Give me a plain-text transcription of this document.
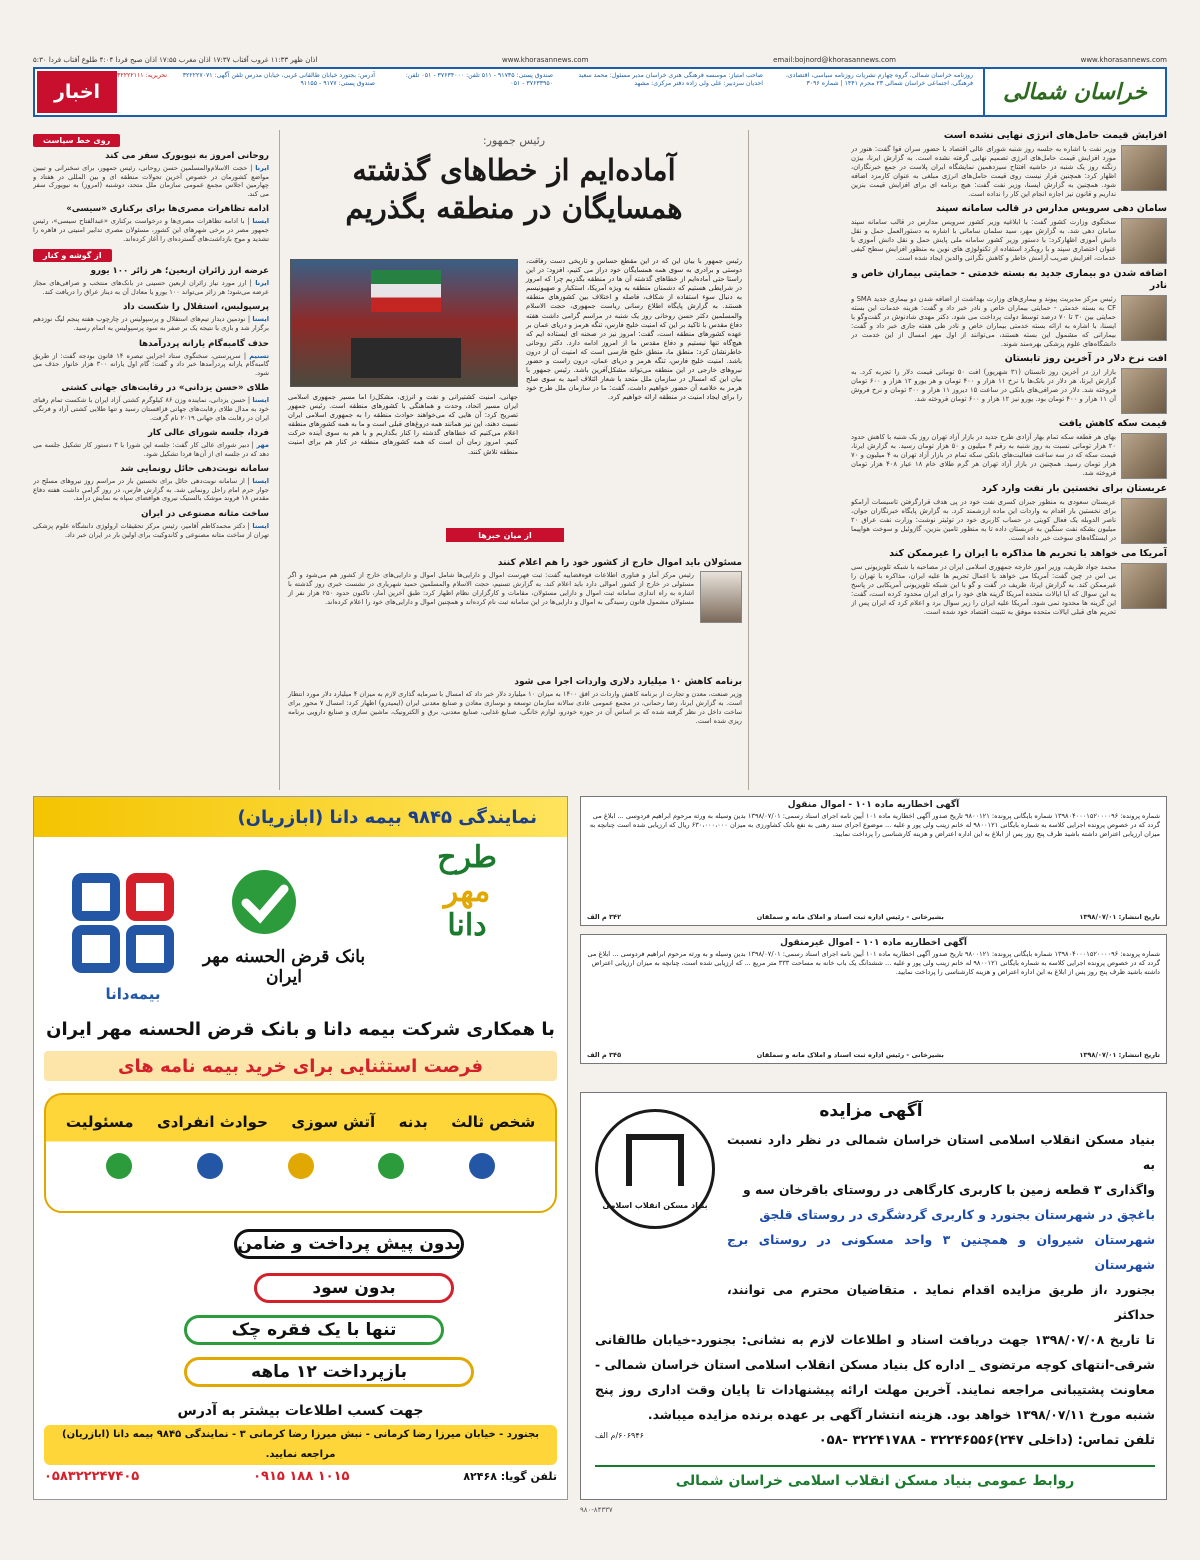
اذان ظهر ۱۱:۳۳ غروب آفتاب ۱۷:۳۷ اذان مغرب ۱۷:۵۵ اذان صبح فردا ۴:۰۴ طلوع آفتاب فردا ۵:۳۰	www.khorasannews.com	email:bojnord@khorasannews.com	www.khorasannews.com
خراسان شمالی
روزنامه خراسان شمالی، گروه چهارم نشریات روزنامه سیاسی، اقتصادی، فرهنگی، اجتماعی خراسان شمالی ۲۳ محرم ۱۴۴۱ | شماره ۳۰۹۶
صاحب امتیاز: موسسه فرهنگی هنری خراسان مدیر مسئول: محمد سعید احدیان سردبیر: علی ولی زاده دفتر مرکزی: مشهد
صندوق پستی: ۹۱۷۳۵ - ۵۱۱ تلفن: ۳۷۶۳۴۰۰۰ - ۰۵۱ تلفن: ۳۷۶۳۳۹۵۰ - ۰۵۱
آدرس: بجنورد خیابان طالقانی غربی، خیابان مدرس تلفن آگهی: ۳۲۲۲۲۷۰۷۱ صندوق پستی: ۹۱۷۷ - ۹۱۱۵۵
تحریریه: ۳۲۲۲۲۱۱۱
اخبار
افزایش قیمت حامل‌های انرژی نهایی نشده است

وزیر نفت با اشاره به جلسه روز شنبه شورای عالی اقتصاد با حضور سران قوا گفت: هنوز در مورد افزایش قیمت حامل‌های انرژی تصمیم نهایی گرفته نشده است. به گزارش ایرنا، بیژن زنگنه روز یک شنبه در حاشیه افتتاح سیزدهمین نمایشگاه ایران پلاست در جمع خبرنگاران، اظهار کرد: همچنین قرار نیست روی قیمت حامل‌های انرژی مبلغی به عنوان کارمزد اضافه شود. همچنین به گزارش ایسنا، وزیر نفت گفت: هیچ برنامه ای برای افزایش قیمت بنزین نداریم و قانون نیز اجازه انجام این کار را نداده است.

سامان دهی سرویس مدارس در قالب سامانه سپند

سخنگوی وزارت کشور گفت: با ابلاغیه وزیر کشور سرویس مدارس در قالب سامانه سپند سامان دهی شد. به گزارش مهر، سید سلمان سامانی با اشاره به دستورالعمل حمل و نقل دانش آموزی اظهارکرد: با دستور وزیر کشور سامانه ملی پایش حمل و نقل دانش آموزی با عنوان اختصاری سپند و با رویکرد استفاده از تکنولوژی های نوین به منظور افزایش سطح کیفی خدمات، افزایش ضریب آرامش خاطر و کاهش نگرانی والدین ایجاد شده است.

اضافه شدن دو بیماری جدید به بسته خدمتی - حمایتی بیماران خاص و نادر

رئیس مرکز مدیریت پیوند و بیماری‌های وزارت بهداشت از اضافه شدن دو بیماری جدید SMA و CF به بسته خدمتی - حمایتی بیماران خاص و نادر خبر داد و گفت: هزینه خدمات این بسته حمایتی بین ۳۰ تا ۷۰ درصد توسط دولت پرداخت می شود. دکتر مهدی شادنوش در گفت‌وگو با ایسنا، با اشاره به ارائه بسته خدمتی بیماران خاص و نادر طی هفته جاری خبر داد و گفت: بیمارانی که مشمول این بسته هستند، می‌توانند از اول مهر امسال از این خدمت در دانشگاه‌های علوم پزشکی بهره‌مند شوند.

افت نرخ دلار در آخرین روز تابستان

بازار ارز در آخرین روز تابستان (۳۱ شهریور) افت ۵۰ تومانی قیمت دلار را تجربه کرد. به گزارش ایرنا، هر دلار در بانک‌ها با نرخ ۱۱ هزار و ۴۰۰ تومان و هر یورو ۱۲ هزار و ۶۰۰ تومان فروخته شد. دلار در صرافی‌های بانکی در ساعت ۱۵ دیروز ۱۱ هزار و ۳۰۰ تومان و نرخ فروش آن ۱۱ هزار و ۴۰۰ تومان بود. یورو نیز ۱۲ هزار و ۶۰۰ تومان فروخته شد.

قیمت سکه کاهش یافت

بهای هر قطعه سکه تمام بهار آزادی طرح جدید در بازار آزاد تهران روز یک شنبه با کاهش حدود ۲۰ هزار تومانی نسبت به روز شنبه به رقم ۴ میلیون و ۵۰ هزار تومان رسید. به گزارش ایرنا، قیمت سکه که در سه ساعت فعالیت‌های بانکی سکه تمام در بازار آزاد تهران به ۴ میلیون و ۷۰ هزار تومان رسید. همچنین در بازار آزاد تهران هر گرم طلای خام ۱۸ عیار ۴۰۸ هزار تومان فروخته شد.

عربستان برای نخستین بار نفت وارد کرد

عربستان سعودی به منظور جبران کسری نفت خود در پی هدف قرارگرفتن تاسیسات آرامکو برای نخستین بار اقدام به واردات این ماده ارزشمند کرد. به گزارش پایگاه خبرنگاران جوان، ناصر الدوبله یک فعال کویتی در حساب کاربری خود در توئیتر نوشت: وزارت نفت عراق ۲۰ میلیون بشکه نفت سنگین به عربستان داده تا به منظور تامین بنزین، گازوئیل و سوخت هواپیما در ایستگاه‌های سوخت خبر داده است.

آمریکا می خواهد با تحریم ها مذاکره با ایران را غیرممکن کند

محمد جواد ظریف، وزیر امور خارجه جمهوری اسلامی ایران در مصاحبه با شبکه تلویزیونی سی بی اس در چین گفت: آمریکا می خواهد با اعمال تحریم ها علیه ایران، مذاکره با تهران را غیرممکن کند. به گزارش ایرنا، ظریف در گفت و گو با این شبکه تلویزیونی آمریکایی در پاسخ به این سوال که آیا ایالات متحده آمریکا گزینه های خود را برای ایران محدود کرده است، گفت: این گزینه ها محدود نمی شود. آمریکا علیه ایران را زیر سوال برد و اعلام کرد که ایران پس از تحریم های قبلی ایالات متحده موفق به تثبیت اقتصاد خود شده است.

رئیس جمهور:
آماده‌ایم از خطاهای گذشته
همسایگان در منطقه بگذریم
رئیس جمهور با بیان این که در این مقطع حساس و تاریخی دست رفاقت، دوستی و برادری به سوی همه همسایگان خود دراز می کنیم، افزود: در این راستا حتی آماده‌ایم از خطاهای گذشته آن ها در منطقه بگذریم چرا که امروز در شرایطی هستیم که دشمنان منطقه به ویژه آمریکا، استکبار و صهیونیسم به دنبال سوء استفاده از شکاف، فاصله و اختلاف بین کشورهای منطقه هستند. به گزارش پایگاه اطلاع رسانی ریاست جمهوری، حجت الاسلام والمسلمین دکتر حسن روحانی روز یک شنبه در مراسم گرامی داشت هفته دفاع مقدس با تاکید بر این که امنیت خلیج فارس، تنگه هرمز و دریای عمان بر عهده کشورهای منطقه است، گفت: امروز نیز در صحنه ای ایستاده ایم که هیچ‌گاه تنها نیستیم و دفاع مقدس ما از امروز ادامه دارد. دکتر روحانی خاطرنشان کرد: منطق ما، منطق خلیج فارسی است که امنیت آن از درون باشد. امنیت خلیج فارس، تنگه هرمز و دریای عمان، درون زاست و حضور نیروهای خارجی در این منطقه می‌تواند مشکل‌آفرین باشد. رئیس جمهور با بیان این که امسال در سازمان ملل متحد با شعار ائتلاف امید به سوی صلح هرمز به خلاصه آن حضور خواهیم داشت، گفت: ما در سازمان ملل طرح خود را برای ایجاد امنیت در منطقه ارائه خواهیم کرد.
جهانی، امنیت کشتیرانی و نفت و انرژی، مشکل‌زا اما مسیر جمهوری اسلامی ایران مسیر اتحاد، وحدت و هماهنگی با کشورهای منطقه است. رئیس جمهور تصریح کرد: آن هایی که می‌خواهند حوادث منطقه را به جمهوری اسلامی ایران نسبت دهند، این نیز همانند همه دروغ‌های قبلی است و ما به همه کشورهای منطقه اعلام می‌کنیم که خطاهای گذشته را کنار بگذاریم و با هم به سوی آینده حرکت کنیم. امروز زمان آن است که همه کشورهای منطقه در کنار هم برای امنیت منطقه تلاش کنند.
از میان خبرها
مسئولان باید اموال خارج از کشور خود را هم اعلام کنند

رئیس مرکز آمار و فناوری اطلاعات قوه‌قضاییه گفت: ثبت فهرست اموال و دارایی‌ها شامل اموال و دارایی‌های خارج از کشور هم می‌شود و اگر مسئولی در خارج از کشور اموالی دارد باید اعلام کند. به گزارش تسنیم، حجت الاسلام والمسلمین حمید شهریاری در نشست خبری روز گذشته با اشاره به راه اندازی سامانه ثبت اموال و دارایی مسئولان، مقامات و کارگزاران نظام اظهار کرد: طبق آخرین آمار، تاکنون حدود ۲۵۰ هزار نفر از مسئولان مشمول قانون رسیدگی به اموال و دارایی‌ها در این سامانه ثبت نام کرده‌اند و همچنین اموال و دارایی‌های خود را اعلام کرده‌اند.

برنامه کاهش ۱۰ میلیارد دلاری واردات اجرا می شود

وزیر صنعت، معدن و تجارت از برنامه کاهش واردات در افق ۱۴۰۰ به میزان ۱۰ میلیارد دلار خبر داد که امسال با سرمایه گذاری لازم به میزان ۴ میلیارد دلار مورد انتظار است. به گزارش ایرنا، رضا رحمانی، در مجمع عمومی عادی سالانه سازمان توسعه و نوسازی معادن و صنایع معدنی ایران (ایمیدرو) اظهار کرد: امسال ۷ محور برای ساخت داخل در نظر گرفته شده که بر اساس آن در حوزه خودرو، لوازم خانگی، صنایع غذایی، صنایع معدنی، برق و الکترونیک، ماشین سازی و صنایع دارویی برنامه ریزی شده است.

روی خط سیاست
روحانی امروز به نیویورک سفر می کند

ایرنا | حجت الاسلام‌والمسلمین حسن روحانی، رئیس جمهور، برای سخنرانی و تبیین مواضع کشورمان در خصوص آخرین تحولات منطقه ای و بین المللی در هفتاد و چهارمین اجلاس مجمع عمومی سازمان ملل متحد، دوشنبه (امروز) به نیویورک سفر می کند.

ادامه تظاهرات مصری‌ها برای برکناری «سیسی»

ایسنا | با ادامه تظاهرات مصری‌ها و درخواست برکناری «عبدالفتاح سیسی»، رئیس جمهور مصر در برخی شهرهای این کشور، مسئولان مصری تدابیر امنیتی در قاهره را تشدید و موج بازداشت‌های گسترده‌ای را آغاز کرده‌اند.

از گوشه و کنار
عرضه ارز زائران اربعین؛ هر زائر ۱۰۰ یورو

ایرنا | ارز مورد نیاز زائران اربعین حسینی در بانک‌های منتخب و صرافی‌های مجاز عرضه می‌شود؛ هر زائر می‌تواند ۱۰۰ یورو یا معادل آن به دینار عراق را دریافت کند.

پرسپولیس، استقلال را شکست داد

ایسنا | نودمین دیدار تیم‌های استقلال و پرسپولیس در چارچوب هفته پنجم لیگ نوزدهم برگزار شد و بازی با نتیجه یک بر صفر به سود پرسپولیس به اتمام رسید.

حذف گامبه‌گام یارانه پردرآمدها

تسنیم | سرپرستی، سخنگوی ستاد اجرایی تبصره ۱۴ قانون بودجه گفت: از طریق گامبه‌گام یارانه پردرآمدها خبر داد و گفت: گام اول یارانه ۳۰۰ هزار خانوار حذف می شود.

طلای «حسن یزدانی» در رقابت‌های جهانی کشتی

ایسنا | حسن یزدانی، نماینده وزن ۸۶ کیلوگرم کشتی آزاد ایران با شکست تمام رقبای خود به مدال طلای رقابت‌های جهانی قزاقستان رسید و تنها طلایی کشتی آزاد و فرنگی ایران در رقابت های جهانی ۲۰۱۹ نام گرفت.

فردا، جلسه شورای عالی کار

مهر | دبیر شورای عالی کار گفت: جلسه این شورا با ۳ دستور کار تشکیل جلسه می دهد که در جلسه ای از آن‌ها فردا تشکیل شود.

سامانه نوبت‌دهی حائل رونمایی شد

ایسنا | از سامانه نوبت‌دهی حائل برای نخستین بار در مراسم روز نیروهای مسلح در جوار حرم امام راحل رونمایی شد. به گزارش فارس، در روز گرامی داشت هفته دفاع مقدس ۱۸ فروند موشک بالستیک نیروی هوافضای سپاه به نمایش درآمد.

ساخت مثانه مصنوعی در ایران

ایسنا | دکتر محمدکاظم آقامیر، رئیس مرکز تحقیقات ارولوژی دانشگاه علوم پزشکی تهران از ساخت مثانه مصنوعی و کاندوکیت برای اولین بار در ایران خبر داد.

نمایندگی ۹۸۴۵ بیمه دانا (ابازریان)
طرح
مهر
دانا
بیمه‌دانا
بانک قرض الحسنه مهر ایران
با همکاری شرکت بیمه دانا و بانک قرض الحسنه مهر ایران
فرصت استثنایی برای خرید بیمه نامه های
شخص ثالث
بدنه
آتش سوزی
حوادث انفرادی
مسئولیت
بدون پیش پرداخت و ضامن
بدون سود
تنها با یک فقره چک
بازپرداخت ۱۲ ماهه
جهت کسب اطلاعات بیشتر به آدرس
بجنورد - خیابان میرزا رضا کرمانی - نبش میرزا رضا کرمانی ۳ - نمایندگی ۹۸۴۵ بیمه دانا (ابازریان) مراجعه نمایید.
۰۵۸۳۲۲۲۴۷۴۰۵	۰۹۱۵ ۱۸۸ ۱۰۱۵	تلفن گویا: ۸۲۴۶۸
آگهی اخطاریه ماده ۱۰۱ - اموال منقول
شماره پرونده: ۱۳۹۸۰۴۰۰۰۱۵۲۰۰۰۰۹۶ شماره بایگانی پرونده: ۹۸۰۰۱۲۱ تاریخ صدور آگهی اخطاریه ماده ۱۰۱ آیین نامه اجرای اسناد رسمی: ۱۳۹۸/۰۷/۰۱ بدین وسیله به ورثه مرحوم ابراهیم فردوسی ... ابلاغ می گردد که در خصوص پرونده اجرایی کلاسه به شماره بایگانی ۹۸۰۰۱۲۱ له خانم زینب ولی پور و علیه ... موضوع اجرای سند رهنی به نفع بانک کشاورزی به میزان ۶۳۰،۰۰۰،۰۰۰ ریال که ارزیابی شده است چنانچه به میزان ارزیابی اعتراض داشته باشید ظرف پنج روز پس از ابلاغ به این اداره اعتراض و هزینه کارشناسی را پرداخت نمایید.
تاریخ انتشار: ۱۳۹۸/۰۷/۰۱
بشیرخانی - رئیس اداره ثبت اسناد و املاک مانه و سملقان
۳۴۲ م الف
آگهی اخطاریه ماده ۱۰۱ - اموال غیرمنقول
شماره پرونده: ۱۳۹۸۰۴۰۰۰۱۵۲۰۰۰۰۹۶ شماره بایگانی پرونده: ۹۸۰۰۱۲۱ تاریخ صدور آگهی اخطاریه ماده ۱۰۱ آیین نامه اجرای اسناد رسمی: ۱۳۹۸/۰۷/۰۱ بدین وسیله و به ورثه مرحوم ابراهیم فردوسی ... ابلاغ می گردد که در خصوص پرونده اجرایی کلاسه به شماره بایگانی ۹۸۰۰۱۲۱ له خانم زینب ولی پور و علیه ... ششدانگ یک باب خانه به مساحت ۳۳۳ متر مربع ... که ارزیابی شده است، چنانچه به میزان ارزیابی اعتراض داشته باشید ظرف پنج روز پس از ابلاغ به این اداره اعتراض و هزینه کارشناسی را پرداخت نمایید.
تاریخ انتشار: ۱۳۹۸/۰۷/۰۱
بشیرخانی - رئیس اداره ثبت اسناد و املاک مانه و سملقان
۳۴۵ م الف
آگهی مزایده
بنیاد مسکن انقلاب اسلامی
بنیاد مسکن انقلاب اسلامی استان خراسان شمالی در نظر دارد نسبت به
واگذاری ۳ قطعه زمین با کاربری کارگاهی در روستای باقرخان سه و
باغچق در شهرستان بجنورد و کاربری گردشگری در روستای قلجق
شهرستان شیروان و همچنین ۳ واحد مسکونی در روستای برج شهرستان
بجنورد ،از طریق مزایده اقدام نماید . متقاضیان محترم می توانند، حداکثر
تا تاریخ ۱۳۹۸/۰۷/۰۸ جهت دریافت اسناد و اطلاعات لازم به نشانی: بجنورد-خیابان طالقانی شرقی-انتهای کوچه مرتضوی _ اداره کل بنیاد مسکن انقلاب اسلامی استان خراسان شمالی - معاونت پشتیبانی مراجعه نمایند. آخرین مهلت ارائه پیشنهادات تا پایان وقت اداری روز پنج شنبه مورخ ۱۳۹۸/۰۷/۱۱ خواهد بود. هزینه انتشار آگهی بر عهده برنده مزایده میباشد.
تلفن تماس: (داخلی ۲۴۷)۳۲۲۴۶۵۵۶ - ۳۲۲۴۱۷۸۸ -۰۵۸
۶۰۶۹۴۶/م الف
روابط عمومی بنیاد مسکن انقلاب اسلامی خراسان شمالی
۹۸۰-۸۴۳۳۷
